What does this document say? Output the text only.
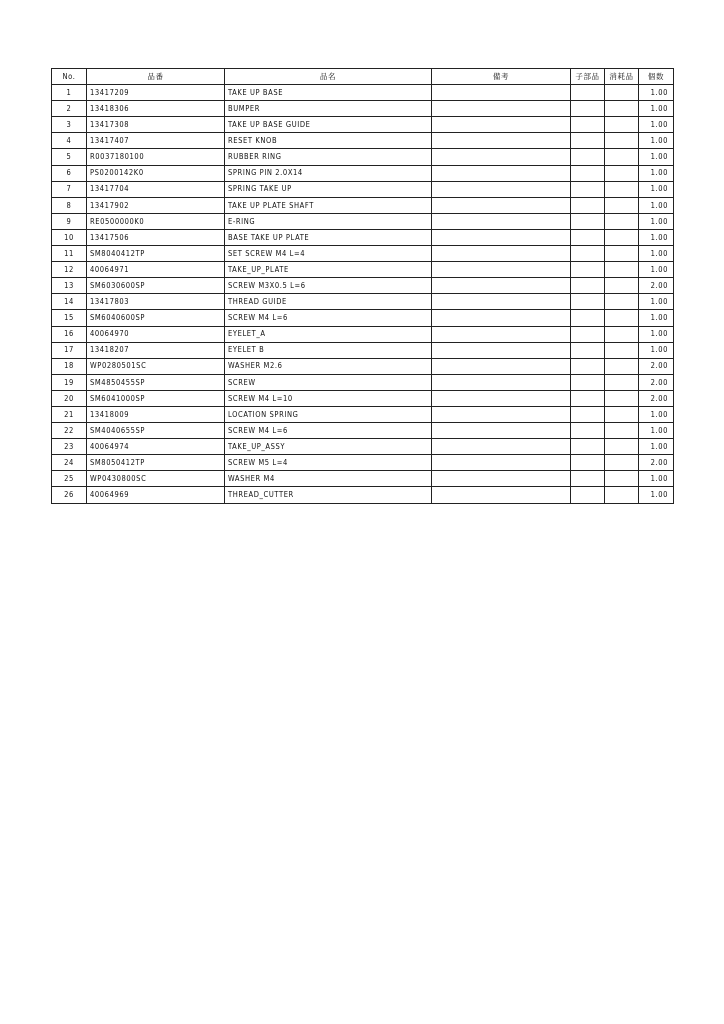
No.	品番	品名	備考	子部品	消耗品	個数
1	13417209	TAKE UP BASE				1.00
2	13418306	BUMPER				1.00
3	13417308	TAKE UP BASE GUIDE				1.00
4	13417407	RESET KNOB				1.00
5	R0037180100	RUBBER RING				1.00
6	PS0200142K0	SPRING PIN 2.0X14				1.00
7	13417704	SPRING TAKE UP				1.00
8	13417902	TAKE UP PLATE SHAFT				1.00
9	RE0500000K0	E-RING				1.00
10	13417506	BASE TAKE UP PLATE				1.00
11	SM8040412TP	SET SCREW M4 L=4				1.00
12	40064971	TAKE_UP_PLATE				1.00
13	SM6030600SP	SCREW M3X0.5 L=6				2.00
14	13417803	THREAD GUIDE				1.00
15	SM6040600SP	SCREW M4 L=6				1.00
16	40064970	EYELET_A				1.00
17	13418207	EYELET B				1.00
18	WP0280501SC	WASHER M2.6				2.00
19	SM4850455SP	SCREW				2.00
20	SM6041000SP	SCREW M4 L=10				2.00
21	13418009	LOCATION SPRING				1.00
22	SM4040655SP	SCREW M4 L=6				1.00
23	40064974	TAKE_UP_ASSY				1.00
24	SM8050412TP	SCREW M5 L=4				2.00
25	WP0430800SC	WASHER M4				1.00
26	40064969	THREAD_CUTTER				1.00
